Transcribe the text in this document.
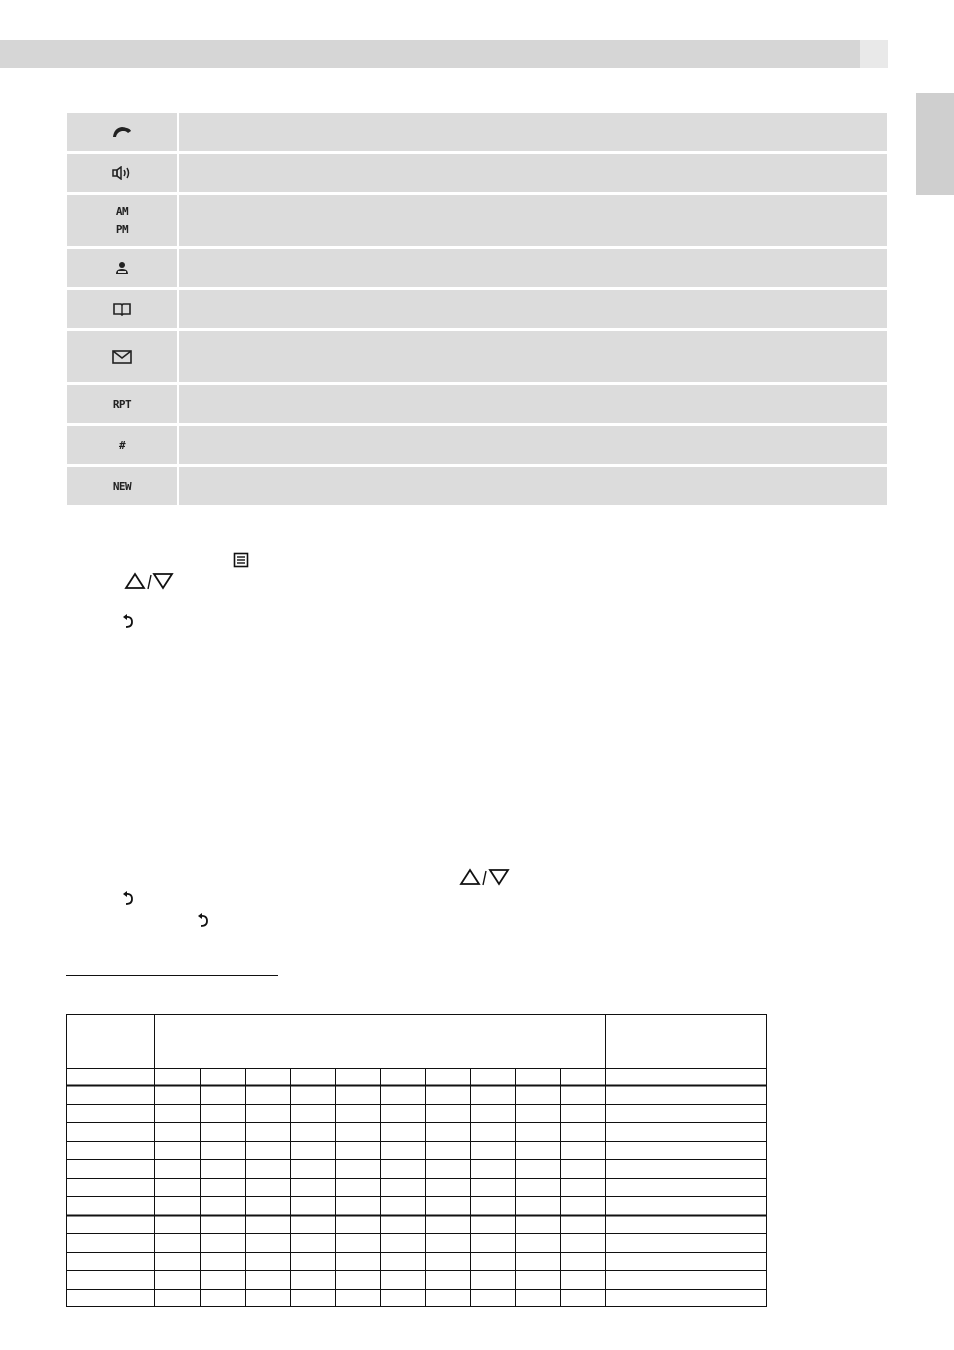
AM
PM
RPT
#
NEW
